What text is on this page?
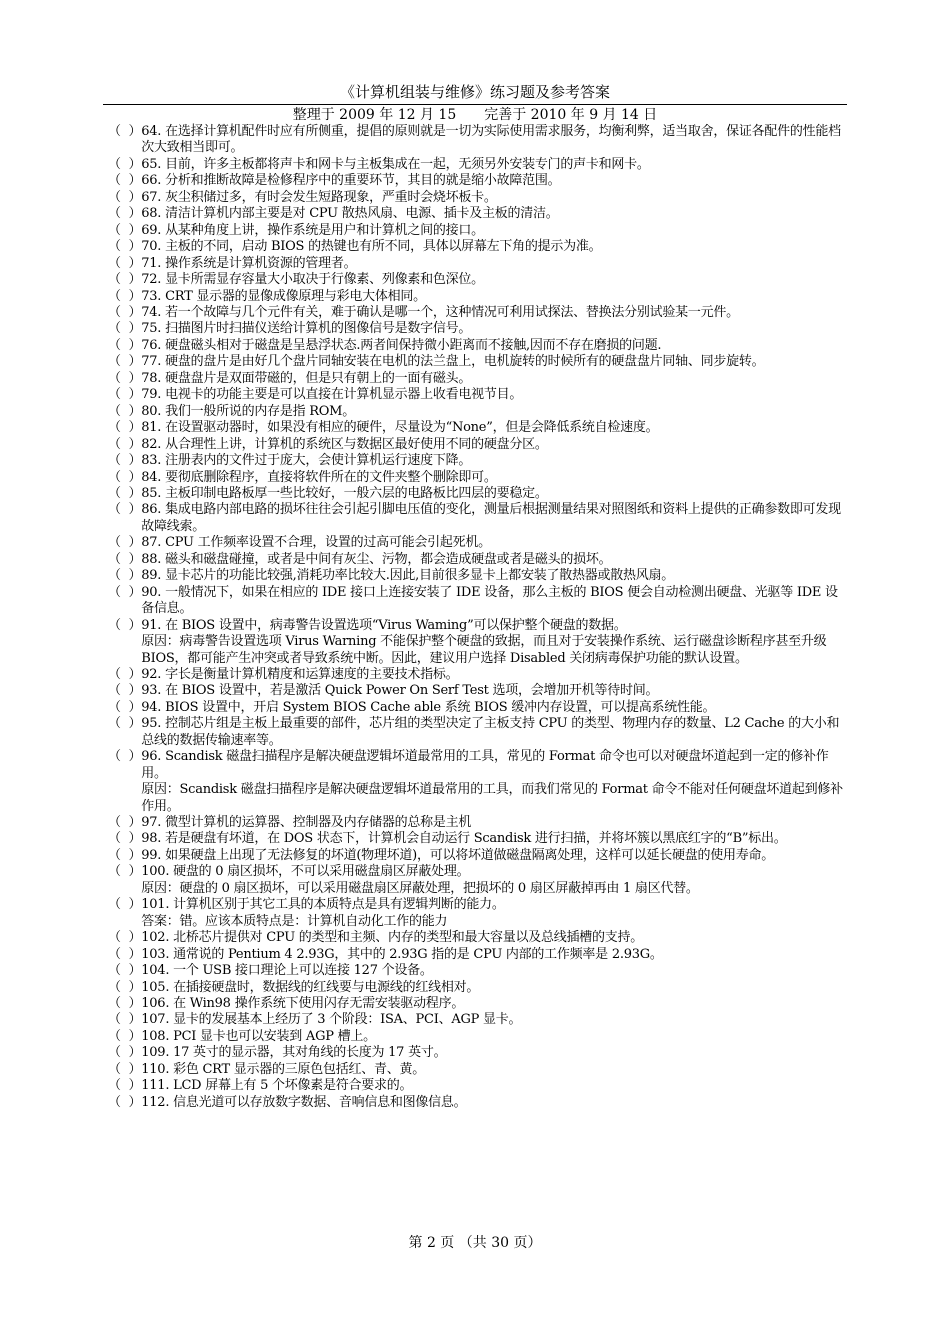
《计算机组装与维修》练习题及参考答案
整理于 2009 年 12 月 15　　完善于 2010 年 9 月 14 日
（  ） 64. 在选择计算机配件时应有所侧重，提倡的原则就是一切为实际使用需求服务，均衡利弊，适当取舍，保证各配件的性能档次大致相当即可。
（  ） 65. 目前，许多主板都将声卡和网卡与主板集成在一起，无须另外安装专门的声卡和网卡。
（  ） 66. 分析和推断故障是检修程序中的重要环节，其目的就是缩小故障范围。
（  ） 67. 灰尘积储过多，有时会发生短路现象，严重时会烧坏板卡。
（  ） 68. 清洁计算机内部主要是对 CPU 散热风扇、电源、插卡及主板的清洁。
（  ） 69. 从某种角度上讲，操作系统是用户和计算机之间的接口。
（  ） 70. 主板的不同，启动 BIOS 的热键也有所不同，具体以屏幕左下角的提示为准。
（  ） 71. 操作系统是计算机资源的管理者。
（  ） 72. 显卡所需显存容量大小取决于行像素、列像素和色深位。
（  ） 73. CRT 显示器的显像成像原理与彩电大体相同。
（  ） 74. 若一个故障与几个元件有关，难于确认是哪一个，这种情况可利用试探法、替换法分别试验某一元件。
（  ） 75. 扫描图片时扫描仪送给计算机的图像信号是数字信号。
（  ） 76. 硬盘磁头相对于磁盘是呈悬浮状态.两者间保持微小距离而不接触,因而不存在磨损的问题.
（  ） 77. 硬盘的盘片是由好几个盘片同轴安装在电机的法兰盘上，电机旋转的时候所有的硬盘盘片同轴、同步旋转。
（  ） 78. 硬盘盘片是双面带磁的，但是只有朝上的一面有磁头。
（  ） 79. 电视卡的功能主要是可以直接在计算机显示器上收看电视节目。
（  ） 80. 我们一般所说的内存是指 ROM。
（  ） 81. 在设置驱动器时，如果没有相应的硬件，尽量设为“None”，但是会降低系统自检速度。
（  ） 82. 从合理性上讲，计算机的系统区与数据区最好使用不同的硬盘分区。
（  ） 83. 注册表内的文件过于庞大，会使计算机运行速度下降。
（  ） 84. 要彻底删除程序，直接将软件所在的文件夹整个删除即可。
（  ） 85. 主板印制电路板厚一些比较好，一般六层的电路板比四层的要稳定。
（  ） 86. 集成电路内部电路的损坏往往会引起引脚电压值的变化，测量后根据测量结果对照图纸和资料上提供的正确参数即可发现故障线索。
（  ） 87. CPU 工作频率设置不合理，设置的过高可能会引起死机。
（  ） 88. 磁头和磁盘碰撞，或者是中间有灰尘、污物，都会造成硬盘或者是磁头的损坏。
（  ） 89. 显卡芯片的功能比较强,消耗功率比较大.因此,目前很多显卡上都安装了散热器或散热风扇。
（  ） 90. 一般情况下，如果在相应的 IDE 接口上连接安装了 IDE 设备，那么主板的 BIOS 便会自动检测出硬盘、光驱等 IDE 设备信息。
（  ） 91. 在 BIOS 设置中，病毒警告设置选项“Virus Waming”可以保护整个硬盘的数据。
原因：病毒警告设置选项 Virus Warning 不能保护整个硬盘的致据，而且对于安装操作系统、运行磁盘诊断程序甚至升级 BIOS，都可能产生冲突或者导致系统中断。因此，建议用户选择 Disabled 关闭病毒保护功能的默认设置。
（  ） 92. 字长是衡量计算机精度和运算速度的主要技术指标。
（  ） 93. 在 BIOS 设置中，若是激活 Quick Power On Serf Test 选项，会增加开机等待时间。
（  ） 94. BIOS 设置中，开启 System BIOS Cache able 系统 BIOS 缓冲内存设置，可以提高系统性能。
（  ） 95. 控制芯片组是主板上最重要的部件，芯片组的类型决定了主板支持 CPU 的类型、物理内存的数量、L2 Cache 的大小和总线的数据传输速率等。
（  ） 96. Scandisk 磁盘扫描程序是解决硬盘逻辑坏道最常用的工具，常见的 Format 命令也可以对硬盘坏道起到一定的修补作用。
原因：Scandisk 磁盘扫描程序是解决硬盘逻辑坏道最常用的工具，而我们常见的 Format 命令不能对任何硬盘坏道起到修补作用。
（  ） 97. 微型计算机的运算器、控制器及内存储器的总称是主机
（  ） 98. 若是硬盘有坏道，在 DOS 状态下，计算机会自动运行 Scandisk 进行扫描，并将坏簇以黑底红字的“B”标出。
（  ） 99. 如果硬盘上出现了无法修复的坏道(物理坏道)，可以将坏道做磁盘隔离处理，这样可以延长硬盘的使用寿命。
（  ） 100. 硬盘的 0 扇区损坏，不可以采用磁盘扇区屏蔽处理。
原因：硬盘的 0 扇区损坏，可以采用磁盘扇区屏蔽处理，把损坏的 0 扇区屏蔽掉再由 1 扇区代替。
（  ） 101. 计算机区别于其它工具的本质特点是具有逻辑判断的能力。
答案：错。应该本质特点是：计算机自动化工作的能力
（  ） 102. 北桥芯片提供对 CPU 的类型和主频、内存的类型和最大容量以及总线插槽的支持。
（  ） 103. 通常说的 Pentium 4 2.93G，其中的 2.93G 指的是 CPU 内部的工作频率是 2.93G。
（  ） 104. 一个 USB 接口理论上可以连接 127 个设备。
（  ） 105. 在插接硬盘时，数据线的红线要与电源线的红线相对。
（  ） 106. 在 Win98 操作系统下使用闪存无需安装驱动程序。
（  ） 107. 显卡的发展基本上经历了 3 个阶段：ISA、PCI、AGP 显卡。
（  ） 108. PCI 显卡也可以安装到 AGP 槽上。
（  ） 109. 17 英寸的显示器，其对角线的长度为 17 英寸。
（  ） 110. 彩色 CRT 显示器的三原色包括红、青、黄。
（  ） 111. LCD 屏幕上有 5 个坏像素是符合要求的。
（  ） 112. 信息光道可以存放数字数据、音响信息和图像信息。
第 2 页 （共 30 页）
